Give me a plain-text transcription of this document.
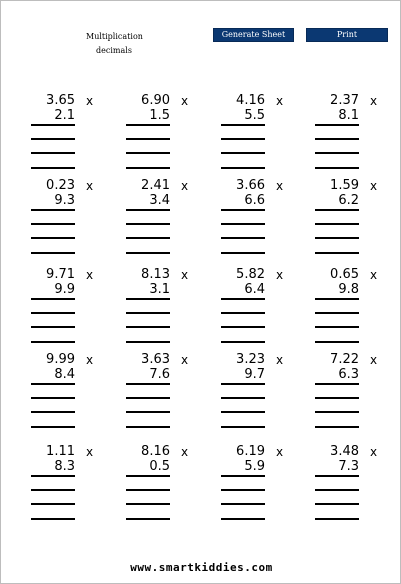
Multiplication
decimals
Generate Sheet	Print
3.65 x
2.1
6.90 x
1.5
4.16 x
5.5
2.37 x
8.1
0.23 x
9.3
2.41 x
3.4
3.66 x
6.6
1.59 x
6.2
9.71 x
9.9
8.13 x
3.1
5.82 x
6.4
0.65 x
9.8
9.99 x
8.4
3.63 x
7.6
3.23 x
9.7
7.22 x
6.3
1.11 x
8.3
8.16 x
0.5
6.19 x
5.9
3.48 x
7.3
www.smartkiddies.com
